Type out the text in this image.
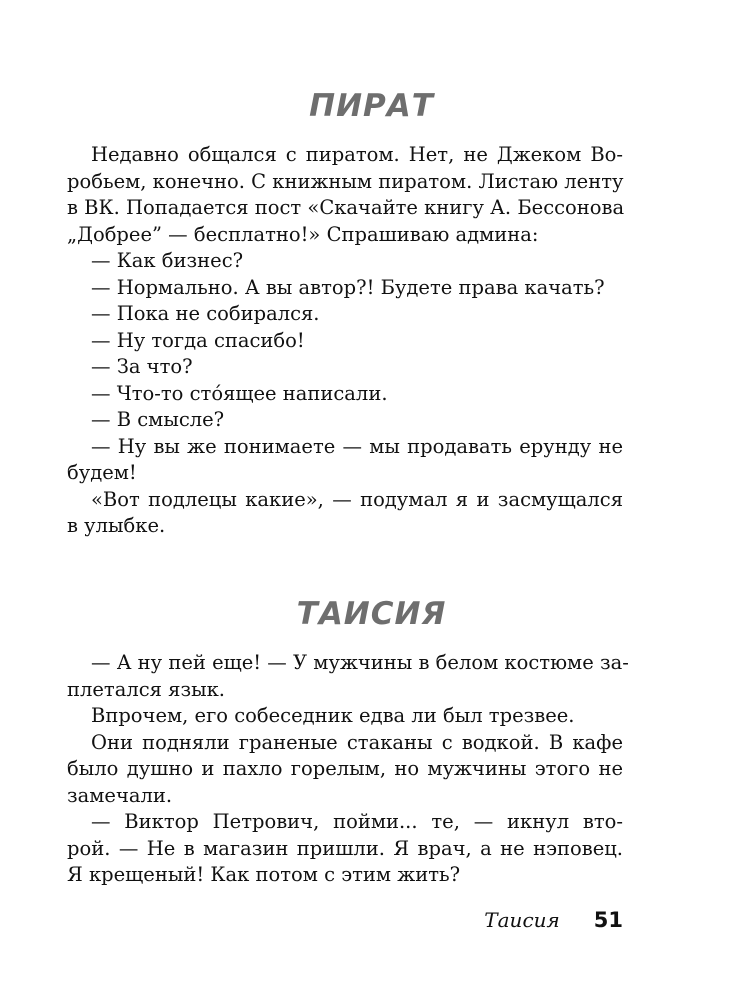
ПИРАТ
Недавно общался с пиратом. Нет, не Джеком Во-
робьем, конечно. С книжным пиратом. Листаю ленту
в ВК. Попадается пост «Скачайте книгу А. Бессонова
„Добрее” — бесплатно!» Спрашиваю админа:
— Как бизнес?
— Нормально. А вы автор?! Будете права качать?
— Пока не собирался.
— Ну тогда спасибо!
— За что?
— Что-то сто́ящее написали.
— В смысле?
— Ну вы же понимаете — мы продавать ерунду не
будем!
«Вот подлецы какие», — подумал я и засмущался
в улыбке.
ТАИСИЯ
— А ну пей еще! — У мужчины в белом костюме за-
плетался язык.
Впрочем, его собеседник едва ли был трезвее.
Они подняли граненые стаканы с водкой. В кафе
было душно и пахло горелым, но мужчины этого не
замечали.
— Виктор Петрович, пойми... те, — икнул вто-
рой. — Не в магазин пришли. Я врач, а не нэповец.
Я крещеный! Как потом с этим жить?
Таисия 51
